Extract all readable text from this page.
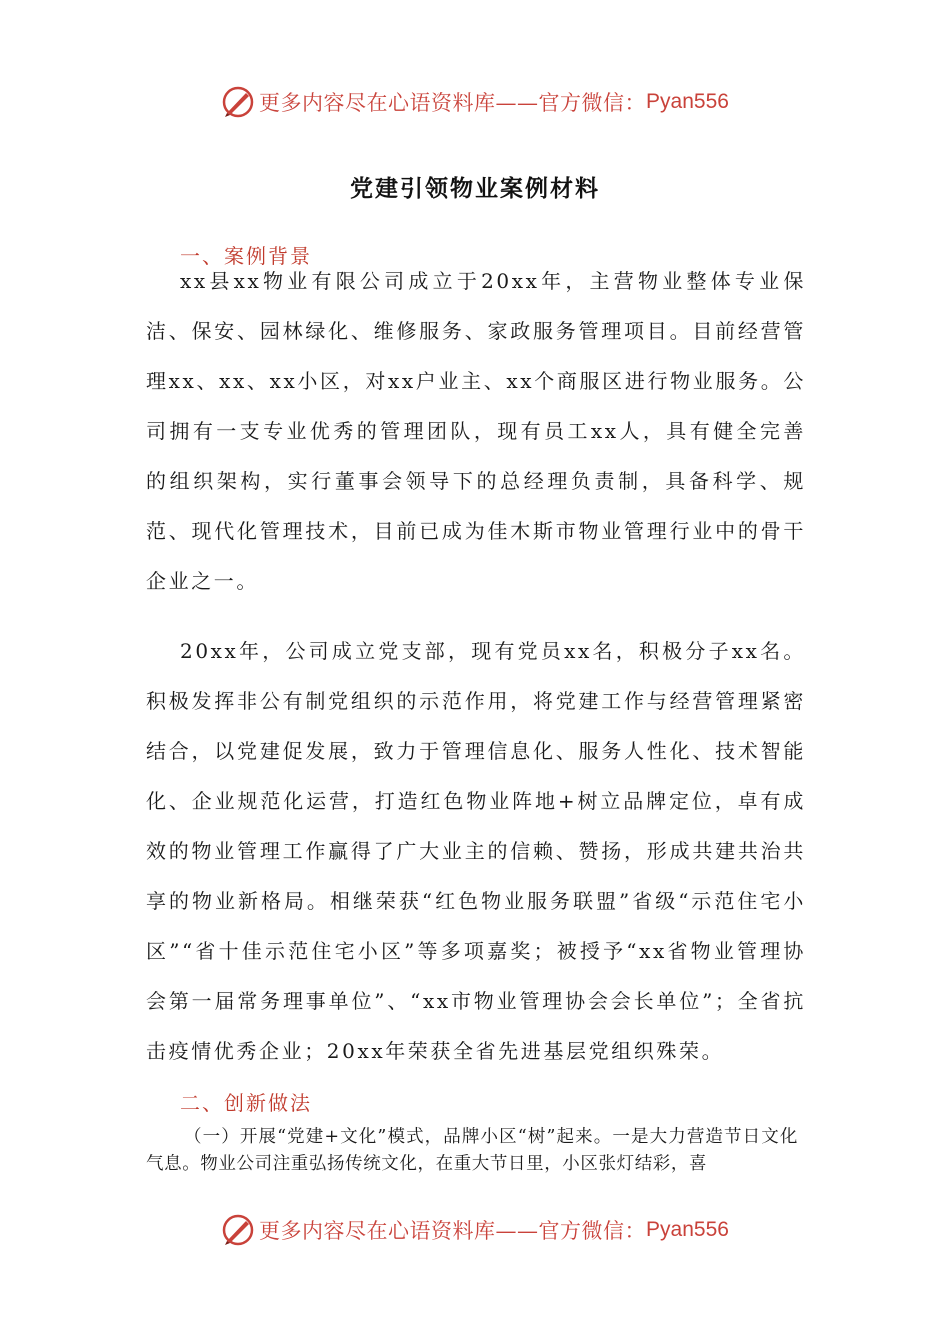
更多内容尽在心语资料库——官方微信： Pyan556
党建引领物业案例材料
一、案例背景

xx县xx物业有限公司成立于20xx年，主营物业整体专业保洁、保安、园林绿化、维修服务、家政服务管理项目。目前经营管理xx、xx、xx小区，对xx户业主、xx个商服区进行物业服务。公司拥有一支专业优秀的管理团队，现有员工xx人，具有健全完善的组织架构，实行董事会领导下的总经理负责制，具备科学、规范、现代化管理技术，目前已成为佳木斯市物业管理行业中的骨干企业之一。

20xx年，公司成立党支部，现有党员xx名，积极分子xx名。积极发挥非公有制党组织的示范作用，将党建工作与经营管理紧密结合，以党建促发展，致力于管理信息化、服务人性化、技术智能化、企业规范化运营，打造红色物业阵地+树立品牌定位，卓有成效的物业管理工作赢得了广大业主的信赖、赞扬，形成共建共治共享的物业新格局。相继荣获“红色物业服务联盟”省级“示范住宅小区”“省十佳示范住宅小区”等多项嘉奖；被授予“xx省物业管理协会第一届常务理事单位”、“xx市物业管理协会会长单位”；全省抗击疫情优秀企业；20xx年荣获全省先进基层党组织殊荣。

二、创新做法

（一）开展“党建+文化”模式，品牌小区“树”起来。一是大力营造节日文化气息。物业公司注重弘扬传统文化，在重大节日里，小区张灯结彩，喜

更多内容尽在心语资料库——官方微信： Pyan556
